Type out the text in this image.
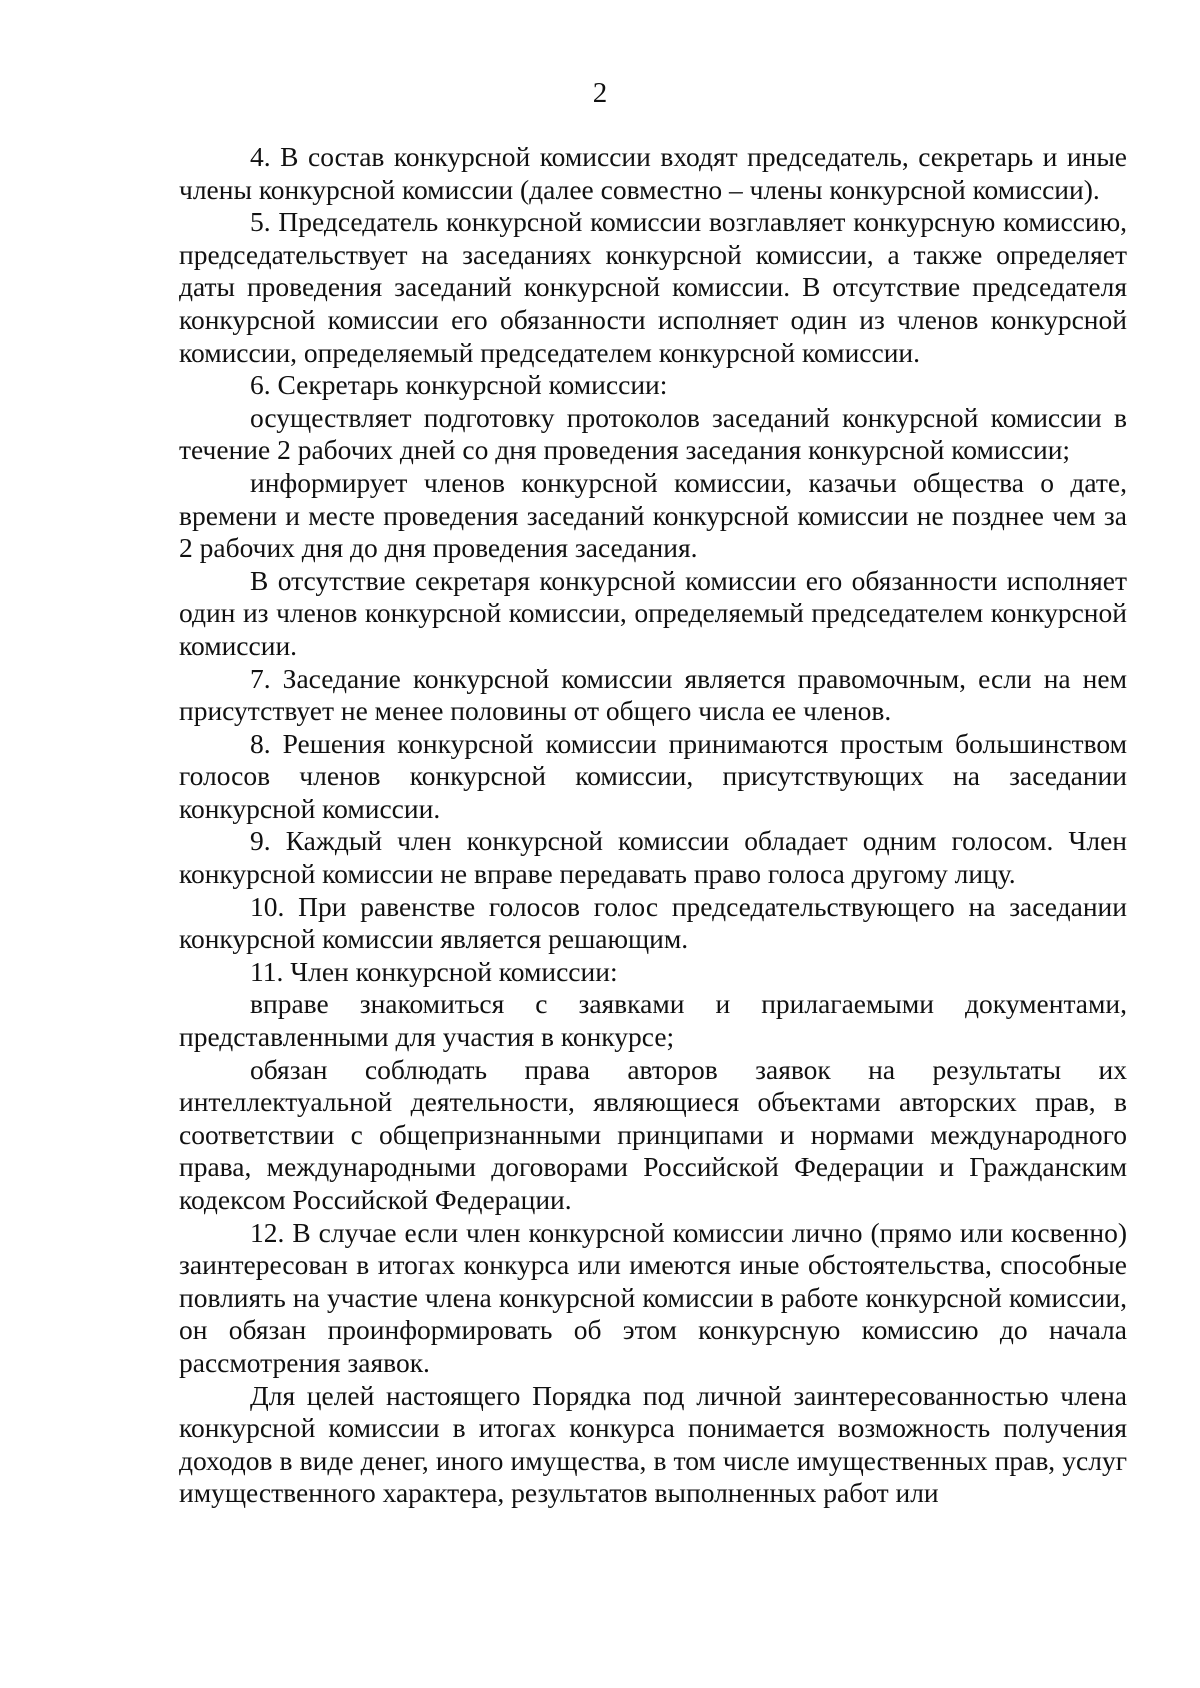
2

4. В состав конкурсной комиссии входят председатель, секретарь и иные члены конкурсной комиссии (далее совместно – члены конкурсной комиссии).

5. Председатель конкурсной комиссии возглавляет конкурсную комиссию, председательствует на заседаниях конкурсной комиссии, а также определяет даты проведения заседаний конкурсной комиссии. В отсутствие председателя конкурсной комиссии его обязанности исполняет один из членов конкурсной комиссии, определяемый председателем конкурсной комиссии.

6. Секретарь конкурсной комиссии:

осуществляет подготовку протоколов заседаний конкурсной комиссии в течение 2 рабочих дней со дня проведения заседания конкурсной комиссии;

информирует членов конкурсной комиссии, казачьи общества о дате, времени и месте проведения заседаний конкурсной комиссии не позднее чем за 2 рабочих дня до дня проведения заседания.

В отсутствие секретаря конкурсной комиссии его обязанности исполняет один из членов конкурсной комиссии, определяемый председателем конкурсной комиссии.

7. Заседание конкурсной комиссии является правомочным, если на нем присутствует не менее половины от общего числа ее членов.

8. Решения конкурсной комиссии принимаются простым большинством голосов членов конкурсной комиссии, присутствующих на заседании конкурсной комиссии.

9. Каждый член конкурсной комиссии обладает одним голосом. Член конкурсной комиссии не вправе передавать право голоса другому лицу.

10. При равенстве голосов голос председательствующего на заседании конкурсной комиссии является решающим.

11. Член конкурсной комиссии:

вправе знакомиться с заявками и прилагаемыми документами, представленными для участия в конкурсе;

обязан соблюдать права авторов заявок на результаты их интеллектуальной деятельности, являющиеся объектами авторских прав, в соответствии с общепризнанными принципами и нормами международного права, международными договорами Российской Федерации и Гражданским кодексом Российской Федерации.

12. В случае если член конкурсной комиссии лично (прямо или косвенно) заинтересован в итогах конкурса или имеются иные обстоятельства, способные повлиять на участие члена конкурсной комиссии в работе конкурсной комиссии, он обязан проинформировать об этом конкурсную комиссию до начала рассмотрения заявок.

Для целей настоящего Порядка под личной заинтересованностью члена конкурсной комиссии в итогах конкурса понимается возможность получения доходов в виде денег, иного имущества, в том числе имущественных прав, услуг имущественного характера, результатов выполненных работ или
